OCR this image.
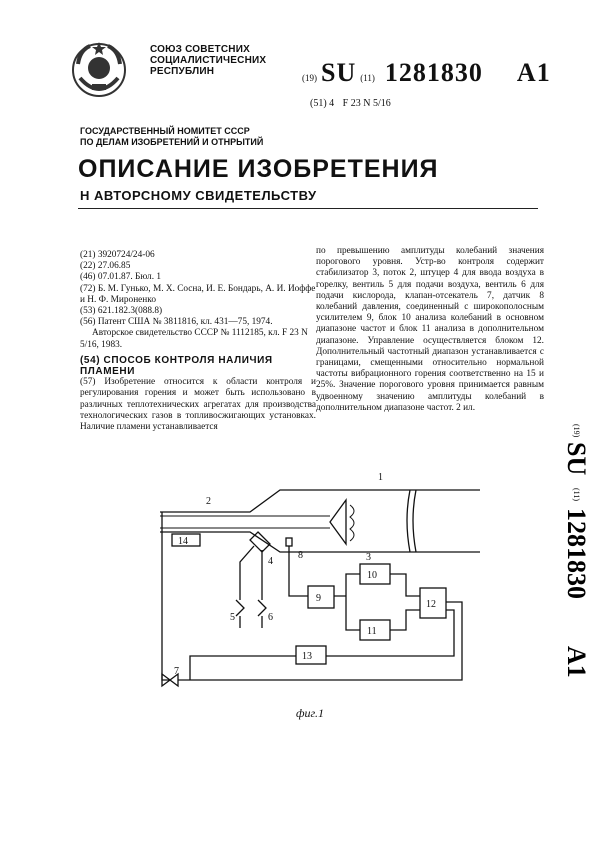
СОЮЗ СОВЕТСНИХ
СОЦИАЛИСТИЧЕСНИХ
РЕСПУБЛИН
(19) SU (11) 1281830 A1
(51) 4 F 23 N 5/16
ГОСУДАРСТВЕННЫЙ НОМИТЕТ СССР
ПО ДЕЛАМ ИЗОБРЕТЕНИЙ И ОТНРЫТИЙ
ОПИСАНИЕ ИЗОБРЕТЕНИЯ
Н АВТОРСНОМУ СВИДЕТЕЛЬСТВУ

(21) 3920724/24-06

(22) 27.06.85

(46) 07.01.87. Бюл. 1

(72) Б. М. Гунько, М. Х. Сосна, И. Е. Бондарь, А. И. Иоффе и Н. Ф. Мироненко

(53) 621.182.3(088.8)

(56) Патент США № 3811816, кл. 431—75, 1974.

Авторское свидетельство СССР № 1112185, кл. F 23 N 5/16, 1983.

(54) СПОСОБ КОНТРОЛЯ НАЛИЧИЯ ПЛАМЕНИ

(57) Изобретение относится к области контроля и регулирования горения и может быть использовано в различных теплотехнических агрегатах для производства технологических газов в топливосжигающих установках. Наличие пламени устанавливается

по превышению амплитуды колебаний значения порогового уровня. Устр-во контроля содержит стабилизатор 3, поток 2, штуцер 4 для ввода воздуха в горелку, вентиль 5 для подачи воздуха, вентиль 6 для подачи кислорода, клапан-отсекатель 7, датчик 8 колебаний давления, соединенный с широкополосным усилителем 9, блок 10 анализа колебаний в основном диапазоне частот и блок 11 анализа в дополнительном диапазоне. Управление осуществляется блоком 12. Дополнительный частотный диапазон устанавливается с границами, смещенными относительно нормальной частоты вибрационного горения соответственно на 15 и 25%. Значение порогового уровня принимается равным удвоенному значению амплитуды колебаний в дополнительном диапазоне частот. 2 ил.
(19)
SU
(11)
1281830
A1
14
5	6
8
9
10
11
12
13
1
2
3
4
7
фиг.1
